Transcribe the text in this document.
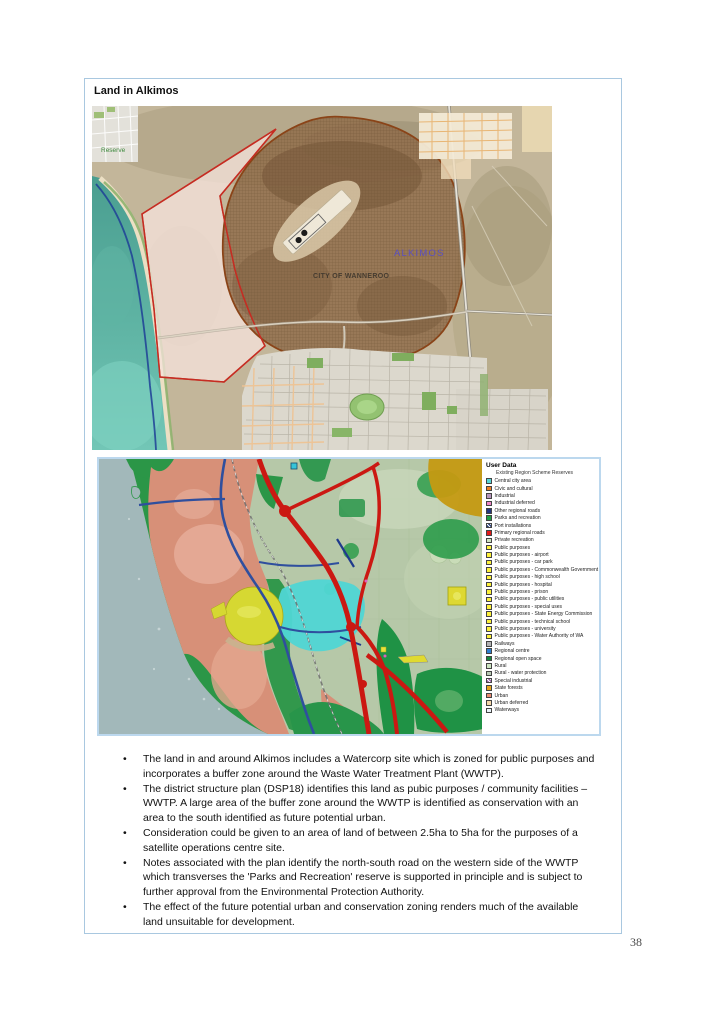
Land in Alkimos
Reserve
ALKIMOS
CITY OF WANNEROO
User Data
Existing Region Scheme Reserves
Central city area
Civic and cultural
Industrial
Industrial deferred
Other regional roads
Parks and recreation
Port installations
Primary regional roads
Private recreation
Public purposes
Public purposes - airport
Public purposes - car park
Public purposes - Commonwealth Government
Public purposes - high school
Public purposes - hospital
Public purposes - prison
Public purposes - public utilities
Public purposes - special uses
Public purposes - State Energy Commission
Public purposes - technical school
Public purposes - university
Public purposes - Water Authority of WA
Railways
Regional centre
Regional open space
Rural
Rural - water protection
Special industrial
State forests
Urban
Urban deferred
Waterways
•	The land in and around Alkimos includes a Watercorp site which is zoned for public purposes and incorporates a buffer zone around the Waste Water Treatment Plant (WWTP).
•	The district structure plan (DSP18) identifies this land as pubic purposes / community facilities – WWTP. A large area of the buffer zone around the WWTP is identified as conservation with an area to the south identified as future potential urban.
•	Consideration could be given to an area of land of between 2.5ha to 5ha for the purposes of a satellite operations centre site.
•	Notes associated with the plan identify the north-south road on the western side of the WWTP which transverses the 'Parks and Recreation' reserve is supported in principle and is subject to further approval from the Environmental Protection Authority.
•	The effect of the future potential urban and conservation zoning renders much of the available land unsuitable for development.
38
